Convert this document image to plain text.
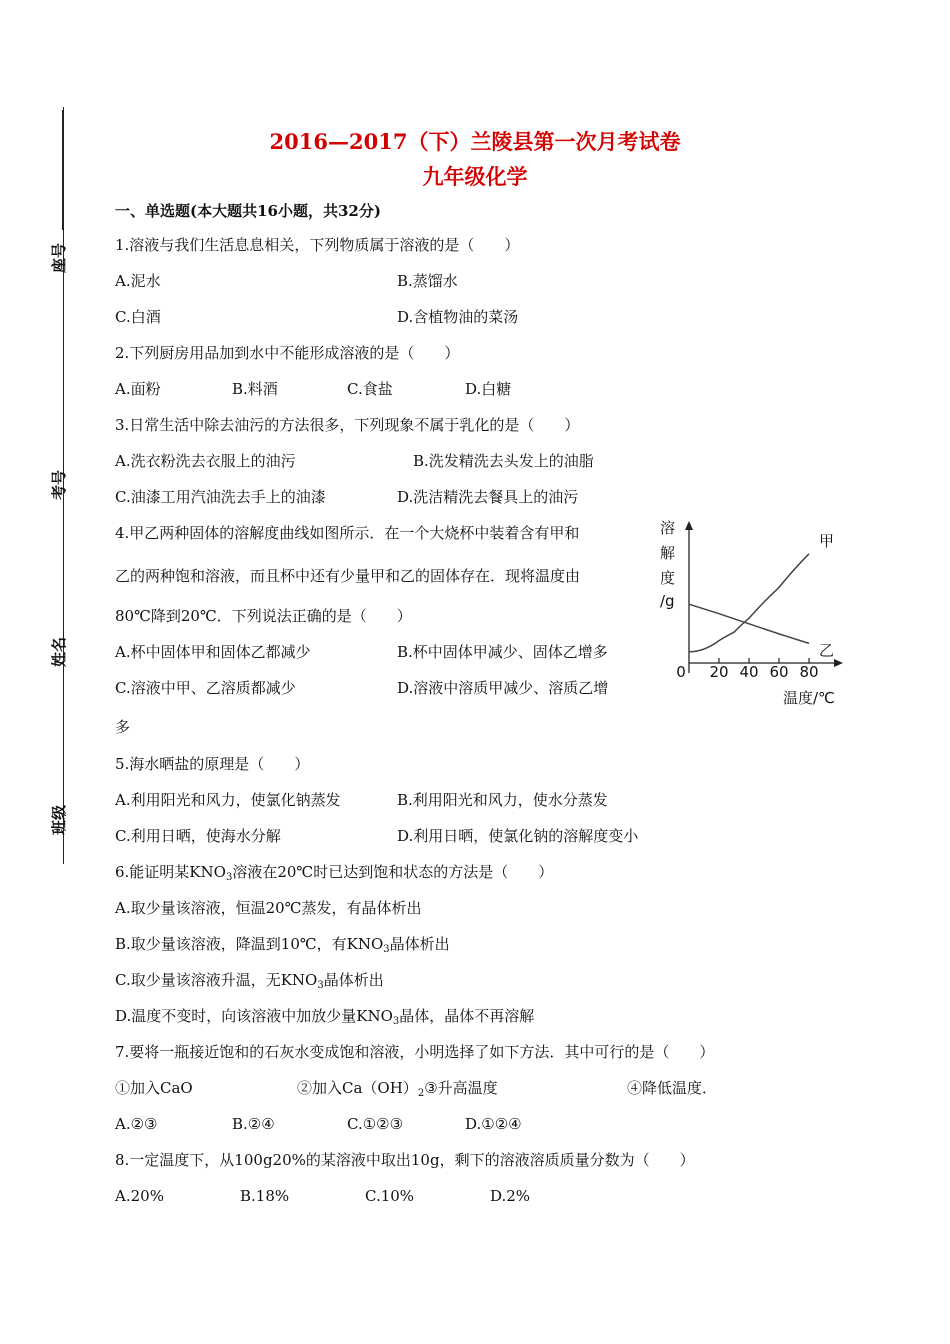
座号
考号
姓名
班级
2016—2017（下）兰陵县第一次月考试卷
九年级化学
一、单选题(本大题共16小题，共32分)
1.溶液与我们生活息息相关，下列物质属于溶液的是（　　）
A.泥水	B.蒸馏水
C.白酒	D.含植物油的菜汤
2.下列厨房用品加到水中不能形成溶液的是（　　）
A.面粉	B.料酒	C.食盐	D.白糖
3.日常生活中除去油污的方法很多，下列现象不属于乳化的是（　　）
A.洗衣粉洗去衣服上的油污	B.洗发精洗去头发上的油脂
C.油漆工用汽油洗去手上的油漆	D.洗洁精洗去餐具上的油污
4.甲乙两种固体的溶解度曲线如图所示．在一个大烧杯中装着含有甲和
乙的两种饱和溶液，而且杯中还有少量甲和乙的固体存在．现将温度由
80℃降到20℃．下列说法正确的是（　　）
A.杯中固体甲和固体乙都减少	B.杯中固体甲减少、固体乙增多
C.溶液中甲、乙溶质都减少	D.溶液中溶质甲减少、溶质乙增
多
溶
解
度
/g
0 20 40 60 80
甲
乙
温度/℃
5.海水晒盐的原理是（　　）
A.利用阳光和风力，使氯化钠蒸发	B.利用阳光和风力，使水分蒸发
C.利用日晒，使海水分解	D.利用日晒，使氯化钠的溶解度变小
6.能证明某$KNO_3$溶液在20℃时已达到饱和状态的方法是（　　）
A.取少量该溶液，恒温20℃蒸发，有晶体析出
B.取少量该溶液，降温到10℃，有$KNO_3$晶体析出
C.取少量该溶液升温，无$KNO_3$晶体析出
D.温度不变时，向该溶液中加放少量$KNO_3$晶体，晶体不再溶解
7.要将一瓶接近饱和的石灰水变成饱和溶液，小明选择了如下方法．其中可行的是（　　）
①加入CaO	②加入$Ca(OH)_2③$升高温度	④降低温度．
A.②③	B.②④	C.①②③	D.①②④
8.一定温度下，从100g20%的某溶液中取出10g，剩下的溶液溶质质量分数为（　　）
A.20%	B.18%	C.10%	D.2%
